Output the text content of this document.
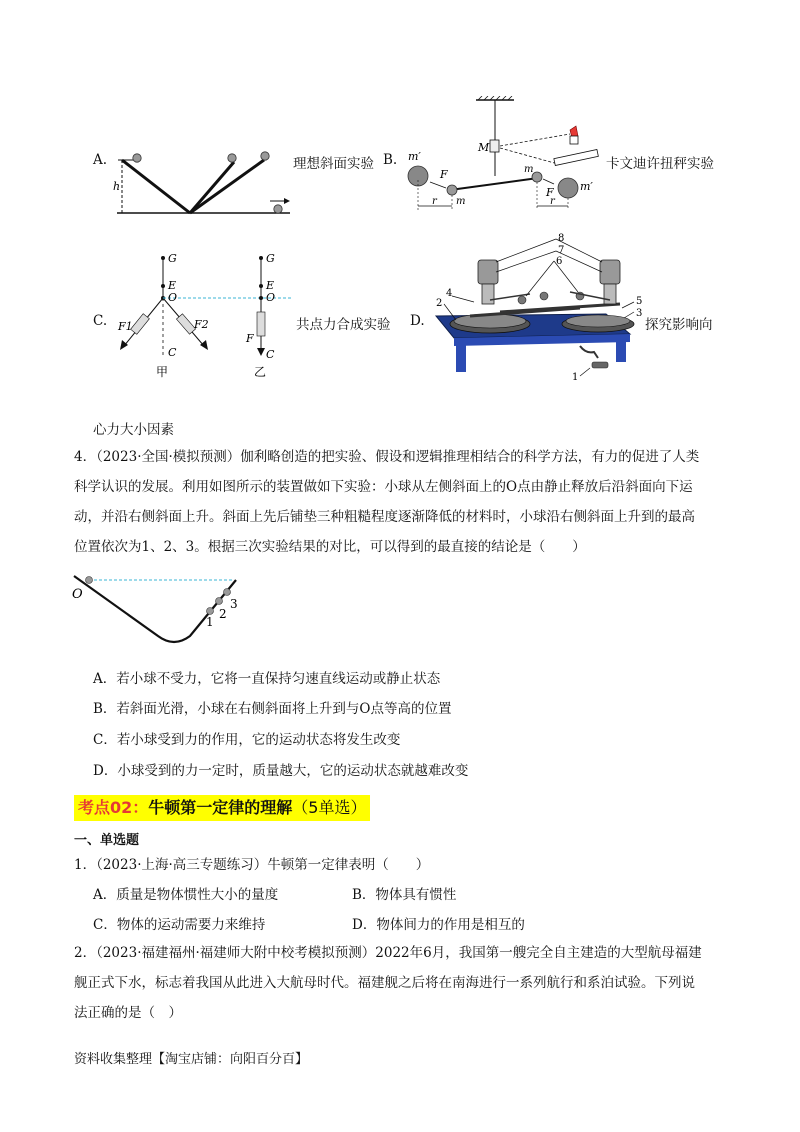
A.
h
理想斜面实验 B.
M
m′
m′
m
m
F
F
r	r
卡文迪许扭秤实验
C.
G
E
O
F1	F2
C
甲
G
E
O
F
C
乙
共点力合成实验 D.
8
7
6
4
2	5
3
1
探究影响向
心力大小因素
4．（2023·全国·模拟预测）伽利略创造的把实验、假设和逻辑推理相结合的科学方法，有力的促进了人类
科学认识的发展。利用如图所示的装置做如下实验：小球从左侧斜面上的O点由静止释放后沿斜面向下运
动，并沿右侧斜面上升。斜面上先后铺垫三种粗糙程度逐渐降低的材料时，小球沿右侧斜面上升到的最高
位置依次为1、2、3。根据三次实验结果的对比，可以得到的最直接的结论是（　　）
O
1
2
3
A．若小球不受力，它将一直保持匀速直线运动或静止状态
B．若斜面光滑，小球在右侧斜面将上升到与O点等高的位置
C．若小球受到力的作用，它的运动状态将发生改变
D．小球受到的力一定时，质量越大，它的运动状态就越难改变
考点02：牛顿第一定律的理解（5单选）
一、单选题
1．（2023·上海·高三专题练习）牛顿第一定律表明（　　）
A．质量是物体惯性大小的量度	B．物体具有惯性
C．物体的运动需要力来维持	D．物体间力的作用是相互的
2．（2023·福建福州·福建师大附中校考模拟预测）2022年6月，我国第一艘完全自主建造的大型航母福建
舰正式下水，标志着我国从此进入大航母时代。福建舰之后将在南海进行一系列航行和系泊试验。下列说
法正确的是（　）
资料收集整理【淘宝店铺：向阳百分百】
